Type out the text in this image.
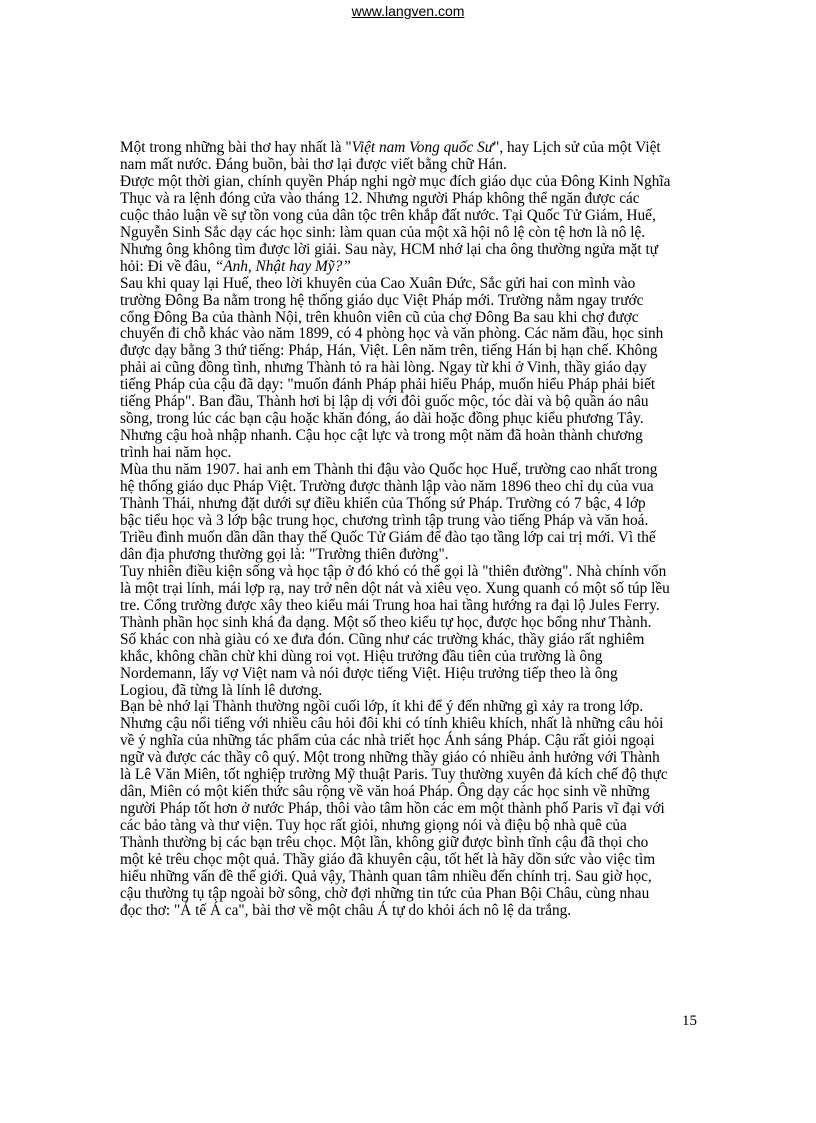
www.langven.com

Một trong những bài thơ hay nhất là "Việt nam Vong quốc Sư", hay Lịch sử của một Việt
nam mất nước. Đáng buồn, bài thơ lại được viết bằng chữ Hán.

Được một thời gian, chính quyền Pháp nghi ngờ mục đích giáo dục của Đông Kinh Nghĩa
Thục và ra lệnh đóng cửa vào tháng 12. Nhưng người Pháp không thể ngăn được các
cuộc thảo luận về sự tồn vong của dân tộc trên khắp đất nước. Tại Quốc Tử Giám, Huế,
Nguyễn Sinh Sắc dạy các học sinh: làm quan của một xã hội nô lệ còn tệ hơn là nô lệ.
Nhưng ông không tìm được lời giải. Sau này, HCM nhớ lại cha ông thường ngửa mặt tự
hỏi: Đi về đâu, “Anh, Nhật hay Mỹ?”

Sau khi quay lại Huế, theo lời khuyên của Cao Xuân Đức, Sắc gửi hai con mình vào
trường Đông Ba nằm trong hệ thống giáo dục Việt Pháp mới. Trường nằm ngay trước
cổng Đông Ba của thành Nội, trên khuôn viên cũ của chợ Đông Ba sau khi chợ được
chuyển đi chỗ khác vào năm 1899, có 4 phòng học và văn phòng. Các năm đầu, học sinh
được dạy bằng 3 thứ tiếng: Pháp, Hán, Việt. Lên năm trên, tiếng Hán bị hạn chế. Không
phải ai cũng đồng tình, nhưng Thành tỏ ra hài lòng. Ngay từ khi ở Vinh, thầy giáo dạy
tiếng Pháp của cậu đã dạy: "muốn đánh Pháp phải hiểu Pháp, muốn hiểu Pháp phải biết
tiếng Pháp". Ban đầu, Thành hơi bị lập dị với đôi guốc mộc, tóc dài và bộ quần áo nâu
sồng, trong lúc các bạn cậu hoặc khăn đóng, áo dài hoặc đồng phục kiểu phương Tây.
Nhưng cậu hoà nhập nhanh. Cậu học cật lực và trong một năm đã hoàn thành chương
trình hai năm học.

Mùa thu năm 1907. hai anh em Thành thi đậu vào Quốc học Huế, trường cao nhất trong
hệ thống giáo dục Pháp Việt. Trường được thành lập vào năm 1896 theo chỉ dụ của vua
Thành Thái, nhưng đặt dưới sự điều khiển của Thống sứ Pháp. Trường có 7 bậc, 4 lớp
bậc tiểu học và 3 lớp bậc trung học, chương trình tập trung vào tiếng Pháp và văn hoá.
Triều đình muốn dần dần thay thế Quốc Tử Giám để đào tạo tầng lớp cai trị mới. Vì thế
dân địa phương thường gọi là: "Trường thiên đường".

Tuy nhiên điều kiện sống và học tập ở đó khó có thể gọi là "thiên đường". Nhà chính vốn
là một trại lính, mái lợp rạ, nay trở nên dột nát và xiêu vẹo. Xung quanh có một số túp lều
tre. Cổng trường được xây theo kiểu mái Trung hoa hai tầng hướng ra đại lộ Jules Ferry.
Thành phần học sinh khá đa dạng. Một số theo kiểu tự học, được học bổng như Thành.
Số khác con nhà giàu có xe đưa đón. Cũng như các trường khác, thầy giáo rất nghiêm
khắc, không chần chừ khi dùng roi vọt. Hiệu trưởng đầu tiên của trường là ông
Nordemann, lấy vợ Việt nam và nói được tiếng Việt. Hiệu trưởng tiếp theo là ông
Logiou, đã từng là lính lê dương.

Bạn bè nhớ lại Thành thường ngồi cuối lớp, ít khi để ý đến những gì xảy ra trong lớp.
Nhưng cậu nổi tiếng với nhiều câu hỏi đôi khi có tính khiêu khích, nhất là những câu hỏi
về ý nghĩa của những tác phẩm của các nhà triết học Ánh sáng Pháp. Cậu rất giỏi ngoại
ngữ và được các thầy cô quý. Một trong những thầy giáo có nhiều ảnh hưởng với Thành
là Lê Văn Miên, tốt nghiệp trường Mỹ thuật Paris. Tuy thường xuyên đả kích chế độ thực
dân, Miên có một kiến thức sâu rộng về văn hoá Pháp. Ông dạy các học sinh về những
người Pháp tốt hơn ở nước Pháp, thôi vào tâm hồn các em một thành phố Paris vĩ đại với
các bảo tàng và thư viện. Tuy học rất giỏi, nhưng giọng nói và điệu bộ nhà quê của
Thành thường bị các bạn trêu chọc. Một lần, không giữ được bình tĩnh cậu đã thọi cho
một kẻ trêu chọc một quả. Thầy giáo đã khuyên cậu, tốt hết là hãy dồn sức vào việc tìm
hiểu những vấn đề thế giới. Quả vậy, Thành quan tâm nhiều đến chính trị. Sau giờ học,
cậu thường tụ tập ngoài bờ sông, chờ đợi những tin tức của Phan Bội Châu, cùng nhau
đọc thơ: "Á tế Á ca", bài thơ về một châu Á tự do khỏi ách nô lệ da trắng.

15
